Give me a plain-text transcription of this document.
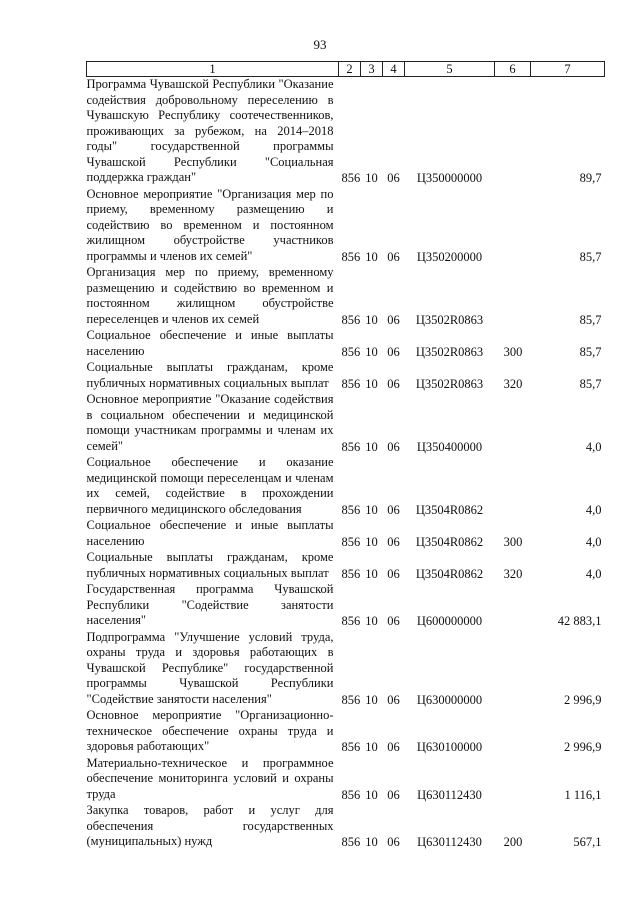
93
1	2	3	4	5	6	7
Программа Чувашской Республики "Оказание содействия добровольному переселению в Чувашскую Республику соотечественников, проживающих за рубежом, на 2014–2018 годы" государственной программы Чувашской Республики "Социальная поддержка граждан"	856	10	06	Ц350000000		89,7
Основное мероприятие "Организация мер по приему, временному размещению и содействию во временном и постоянном жилищном обустройстве участников программы и членов их семей"	856	10	06	Ц350200000		85,7
Организация мер по приему, временному размещению и содействию во временном и постоянном жилищном обустройстве переселенцев и членов их семей	856	10	06	Ц3502R0863		85,7
Социальное обеспечение и иные выплаты населению	856	10	06	Ц3502R0863	300	85,7
Социальные выплаты гражданам, кроме публичных нормативных социальных выплат	856	10	06	Ц3502R0863	320	85,7
Основное мероприятие "Оказание содействия в социальном обеспечении и медицинской помощи участникам программы и членам их семей"	856	10	06	Ц350400000		4,0
Социальное обеспечение и оказание медицинской помощи переселенцам и членам их семей, содействие в прохождении первичного медицинского обследования	856	10	06	Ц3504R0862		4,0
Социальное обеспечение и иные выплаты населению	856	10	06	Ц3504R0862	300	4,0
Социальные выплаты гражданам, кроме публичных нормативных социальных выплат	856	10	06	Ц3504R0862	320	4,0
Государственная программа Чувашской Республики "Содействие занятости населения"	856	10	06	Ц600000000		42 883,1
Подпрограмма "Улучшение условий труда, охраны труда и здоровья работающих в Чувашской Республике" государственной программы Чувашской Республики "Содействие занятости населения"	856	10	06	Ц630000000		2 996,9
Основное мероприятие "Организационно-техническое обеспечение охраны труда и здоровья работающих"	856	10	06	Ц630100000		2 996,9
Материально-техническое и программное обеспечение мониторинга условий и охраны труда	856	10	06	Ц630112430		1 116,1
Закупка товаров, работ и услуг для обеспечения государственных (муниципальных) нужд	856	10	06	Ц630112430	200	567,1
